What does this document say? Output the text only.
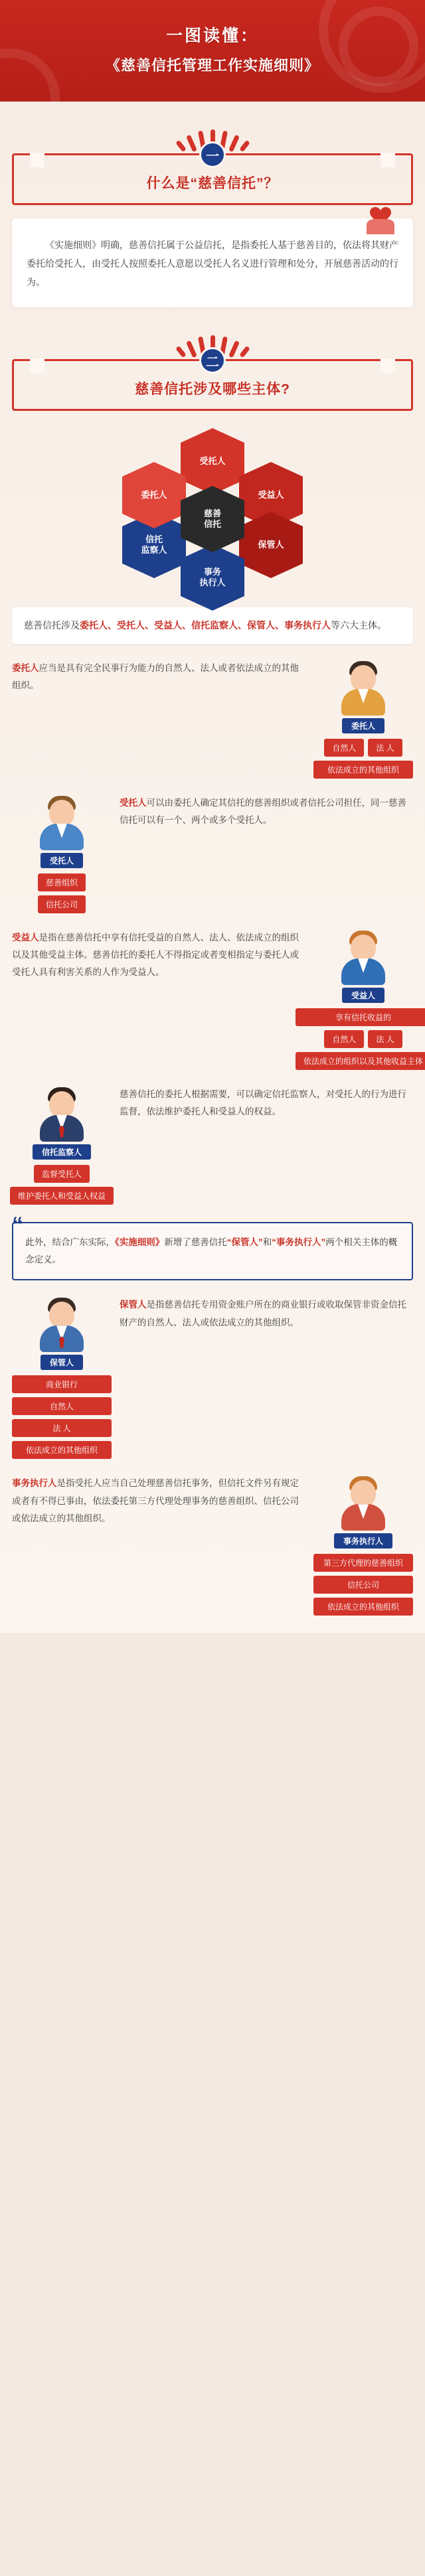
一图读懂：
《慈善信托管理工作实施细则》
一
什么是“慈善信托”？

《实施细则》明确，慈善信托属于公益信托，是指委托人基于慈善目的，依法将其财产委托给受托人，由受托人按照委托人意愿以受托人名义进行管理和处分，开展慈善活动的行为。

二
慈善信托涉及哪些主体?
受托人
受益人
保管人
事务
执行人
信托
监察人
委托人
慈善
信托
慈善信托涉及委托人、受托人、受益人、信托监察人、保管人、事务执行人等六大主体。
委托人
自然人	法 人
依法成立的其他组织
委托人应当是具有完全民事行为能力的自然人、法人或者依法成立的其他组织。
受托人
慈善组织
信托公司
受托人可以由委托人确定其信托的慈善组织或者信托公司担任，同一慈善信托可以有一个、两个或多个受托人。
受益人
享有信托收益的
自然人	法 人
依法成立的组织以及其他收益主体
受益人是指在慈善信托中享有信托受益的自然人、法人、依法成立的组织以及其他受益主体。慈善信托的委托人不得指定或者变相指定与委托人或受托人具有利害关系的人作为受益人。
信托监察人
监督受托人
维护委托人和受益人权益
慈善信托的委托人根据需要，可以确定信托监察人，对受托人的行为进行监督，依法维护委托人和受益人的权益。
“
此外，结合广东实际，《实施细则》新增了慈善信托“保管人”和“事务执行人”两个相关主体的概念定义。
保管人
商业银行
自然人
法 人
依法成立的其他组织
保管人是指慈善信托专用资金账户所在的商业银行或收取保管非资金信托财产的自然人、法人或依法成立的其他组织。
事务执行人
第三方代理的慈善组织
信托公司
依法成立的其他组织
事务执行人是指受托人应当自己处理慈善信托事务，但信托文件另有规定或者有不得已事由，依法委托第三方代理处理事务的慈善组织、信托公司或依法成立的其他组织。
